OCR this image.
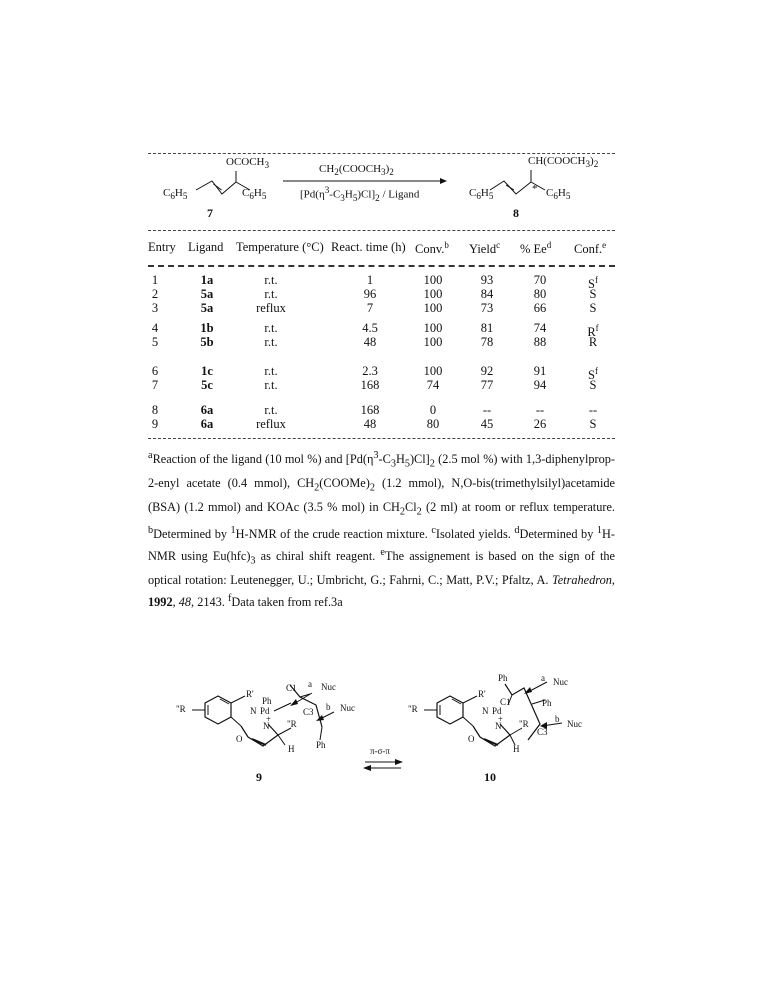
$OCOCH_3$
$C_6H_5$	$C_6H_5$
7
$CH_2(COOCH_3)_2$
$[Pd(\eta^3-C_3H_5)Cl]_2$ / Ligand
$CH(COOCH_3)_2$
$C_6H_5$
* $C_6H_5$
8
Entry Ligand Temperature (°C) React. time (h) Conv.$^b$ Yield$^c$ % Ee$^d$ Conf.$^e$
1
2
3
1a
5a
5a
r.t.
r.t.
reflux
1
96
7
100
100
100
93
84
73
70
80
66
$S^f$
S
S
4
5
1b
5b
r.t.
r.t.
4.5
48
100
100
81
78
74
88
$R^f$
R
6
7
1c
5c
r.t.
r.t.
2.3
168
100
74
92
77
91
94
$S^f$
S
8
9
6a
6a
r.t.
reflux
168
48
0
80
--
45
--
26
--
S
$^a$Reaction of the ligand (10 mol %) and $[Pd(\eta^3-C_3H_5)Cl]_2$ (2.5 mol %) with 1,3-diphenylprop-2-enyl acetate (0.4 mmol), $CH_2(COOMe)_2$ (1.2 mmol), N,O-bis(trimethylsilyl)acetamide (BSA) (1.2 mmol) and KOAc (3.5 % mol) in $CH_2Cl_2$ (2 ml) at room or reflux temperature. $^b$Determined by $^1$H-NMR of the crude reaction mixture. $^c$Isolated yields. $^d$Determined by $^1$H-NMR using $Eu(hfc)_3$ as chiral shift reagent. $^e$The assignement is based on the sign of the optical rotation: Leutenegger, U.; Umbricht, G.; Fahrni, C.; Matt, P.V.; Pfaltz, A. Tetrahedron, 1992, 48, 2143. $^f$Data taken from ref.3a
"R
R'
N Pd
+
N "R
O
H
Ph
Ph
C1
C3
a Nuc
b Nuc
9
π-σ-π
"R
R'
N Pd
+
N "R
O
H
Ph
Ph
C1
C3
a Nuc
b Nuc
10
